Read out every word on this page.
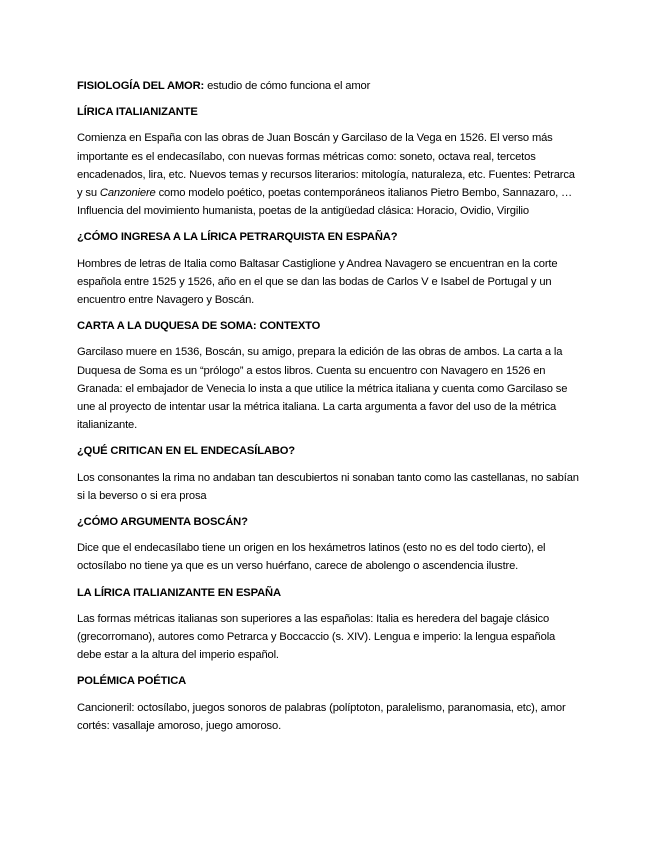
FISIOLOGÍA DEL AMOR: estudio de cómo funciona el amor

LÍRICA ITALIANIZANTE

Comienza en España con las obras de Juan Boscán y Garcilaso de la Vega en 1526. El verso más importante es el endecasílabo, con nuevas formas métricas como: soneto, octava real, tercetos encadenados, lira, etc. Nuevos temas y recursos literarios: mitología, naturaleza, etc. Fuentes: Petrarca y su Canzoniere como modelo poético, poetas contemporáneos italianos Pietro Bembo, Sannazaro, … Influencia del movimiento humanista, poetas de la antigüedad clásica: Horacio, Ovidio, Virgilio

¿CÓMO INGRESA A LA LÍRICA PETRARQUISTA EN ESPAÑA?

Hombres de letras de Italia como Baltasar Castiglione y Andrea Navagero se encuentran en la corte española entre 1525 y 1526, año en el que se dan las bodas de Carlos V e Isabel de Portugal y un encuentro entre Navagero y Boscán.

CARTA A LA DUQUESA DE SOMA: CONTEXTO

Garcilaso muere en 1536, Boscán, su amigo, prepara la edición de las obras de ambos. La carta a la Duquesa de Soma es un “prólogo” a estos libros. Cuenta su encuentro con Navagero en 1526 en Granada: el embajador de Venecia lo insta a que utilice la métrica italiana y cuenta como Garcilaso se une al proyecto de intentar usar la métrica italiana. La carta argumenta a favor del uso de la métrica italianizante.

¿QUÉ CRITICAN EN EL ENDECASÍLABO?

Los consonantes la rima no andaban tan descubiertos ni sonaban tanto como las castellanas, no sabían si la beverso o si era prosa

¿CÓMO ARGUMENTA BOSCÁN?

Dice que el endecasílabo tiene un origen en los hexámetros latinos (esto no es del todo cierto), el octosílabo no tiene ya que es un verso huérfano, carece de abolengo o ascendencia ilustre.

LA LÍRICA ITALIANIZANTE EN ESPAÑA

Las formas métricas italianas son superiores a las españolas: Italia es heredera del bagaje clásico (grecorromano), autores como Petrarca y Boccaccio (s. XIV). Lengua e imperio: la lengua española debe estar a la altura del imperio español.

POLÉMICA POÉTICA

Cancioneril: octosílabo, juegos sonoros de palabras (políptoton, paralelismo, paranomasia, etc), amor cortés: vasallaje amoroso, juego amoroso.
